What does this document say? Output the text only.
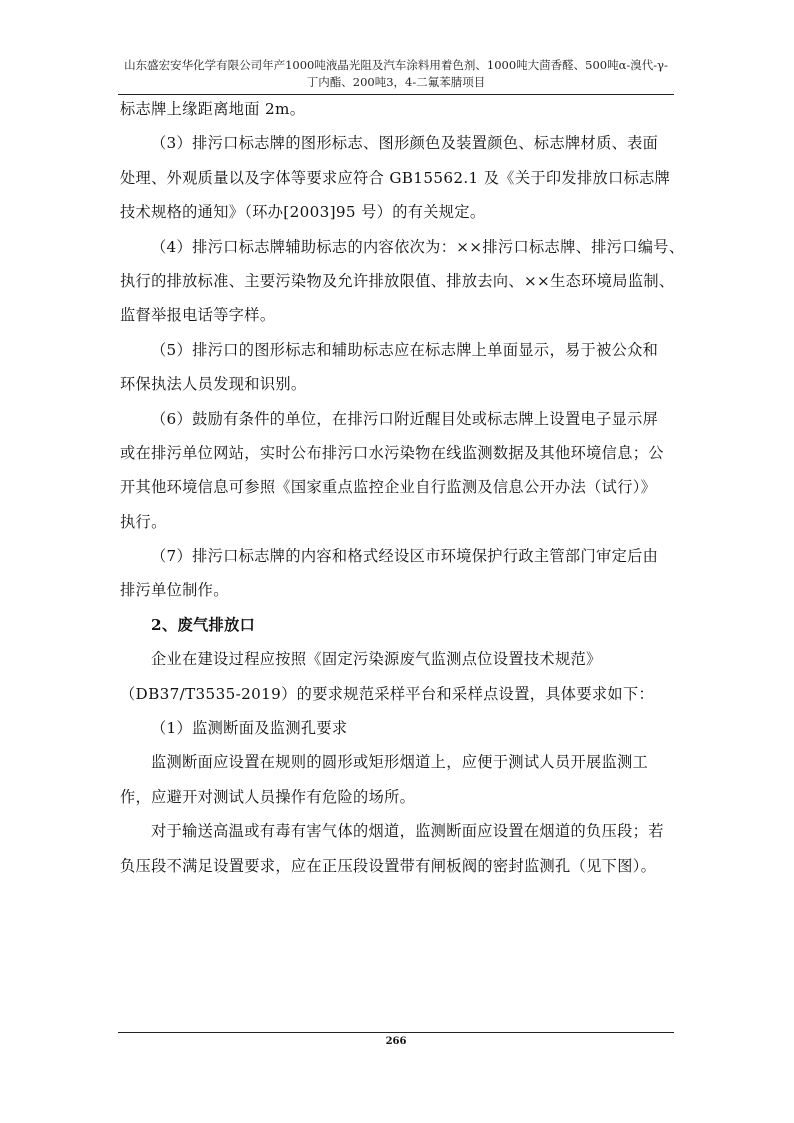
山东盛宏安华化学有限公司年产1000吨液晶光阻及汽车涂料用着色剂、1000吨大茴香醛、500吨α-溴代-γ-
丁内酯、200吨3，4-二氟苯腈项目
标志牌上缘距离地面 2m。
（3）排污口标志牌的图形标志、图形颜色及装置颜色、标志牌材质、表面
处理、外观质量以及字体等要求应符合 GB15562.1 及《关于印发排放口标志牌
技术规格的通知》（环办[2003]95 号）的有关规定。
（4）排污口标志牌辅助标志的内容依次为：××排污口标志牌、排污口编号、
执行的排放标准、主要污染物及允许排放限值、排放去向、××生态环境局监制、
监督举报电话等字样。
（5）排污口的图形标志和辅助标志应在标志牌上单面显示，易于被公众和
环保执法人员发现和识别。
（6）鼓励有条件的单位，在排污口附近醒目处或标志牌上设置电子显示屏
或在排污单位网站，实时公布排污口水污染物在线监测数据及其他环境信息；公
开其他环境信息可参照《国家重点监控企业自行监测及信息公开办法（试行）》
执行。
（7）排污口标志牌的内容和格式经设区市环境保护行政主管部门审定后由
排污单位制作。
2、废气排放口
企业在建设过程应按照《固定污染源废气监测点位设置技术规范》
（DB37/T3535-2019）的要求规范采样平台和采样点设置，具体要求如下：
（1）监测断面及监测孔要求
监测断面应设置在规则的圆形或矩形烟道上，应便于测试人员开展监测工
作，应避开对测试人员操作有危险的场所。
对于输送高温或有毒有害气体的烟道，监测断面应设置在烟道的负压段；若
负压段不满足设置要求，应在正压段设置带有闸板阀的密封监测孔（见下图）。
266
